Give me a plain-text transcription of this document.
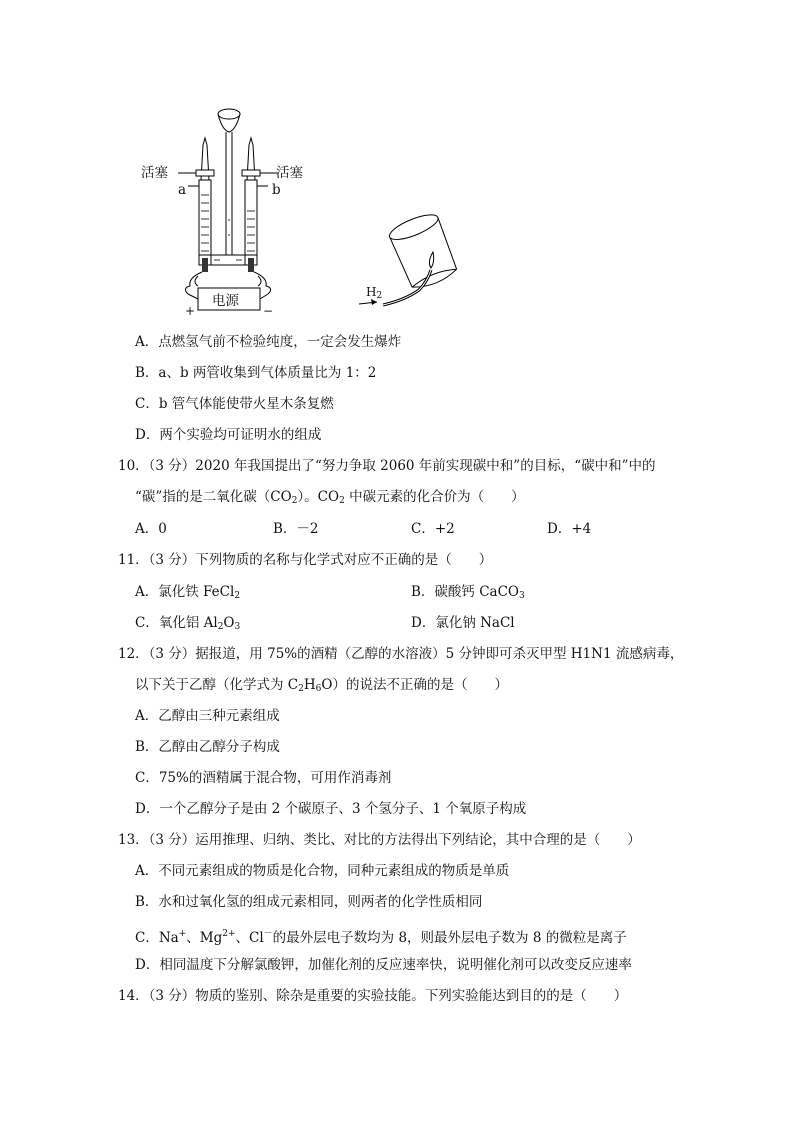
活塞	活塞
a	b
电源
+	−
$H_2$
A．点燃氢气前不检验纯度，一定会发生爆炸
B．a、b 两管收集到气体质量比为 1：2
C．b 管气体能使带火星木条复燃
D．两个实验均可证明水的组成
10．（3 分）2020 年我国提出了“努力争取 2060 年前实现碳中和”的目标，“碳中和”中的
“碳”指的是二氧化碳$(CO_2)$。$CO_2$ 中碳元素的化合价为（　　）
A．0	B．－2	C．+2	D．+4
11．（3 分）下列物质的名称与化学式对应不正确的是（　　）
A．氯化铁 FeCl$_2$	B．碳酸钙 CaCO$_3$
C．氧化铝 $Al_2O_3$	D．氯化钠 NaCl
12．（3 分）据报道，用 75%的酒精（乙醇的水溶液）5 分钟即可杀灭甲型 H1N1 流感病毒，
以下关于乙醇（化学式为 $C_2H_6O$）的说法不正确的是（　　）
A．乙醇由三种元素组成
B．乙醇由乙醇分子构成
C．75%的酒精属于混合物，可用作消毒剂
D．一个乙醇分子是由 2 个碳原子、3 个氢分子、1 个氧原子构成
13．（3 分）运用推理、归纳、类比、对比的方法得出下列结论，其中合理的是（　　）
A．不同元素组成的物质是化合物，同种元素组成的物质是单质
B．水和过氧化氢的组成元素相同，则两者的化学性质相同
C．Na+、$Mg^{2+}$、Cl－的最外层电子数均为 8，则最外层电子数为 8 的微粒是离子
D．相同温度下分解氯酸钾，加催化剂的反应速率快，说明催化剂可以改变反应速率
14．（3 分）物质的鉴别、除杂是重要的实验技能。下列实验能达到目的的是（　　）
